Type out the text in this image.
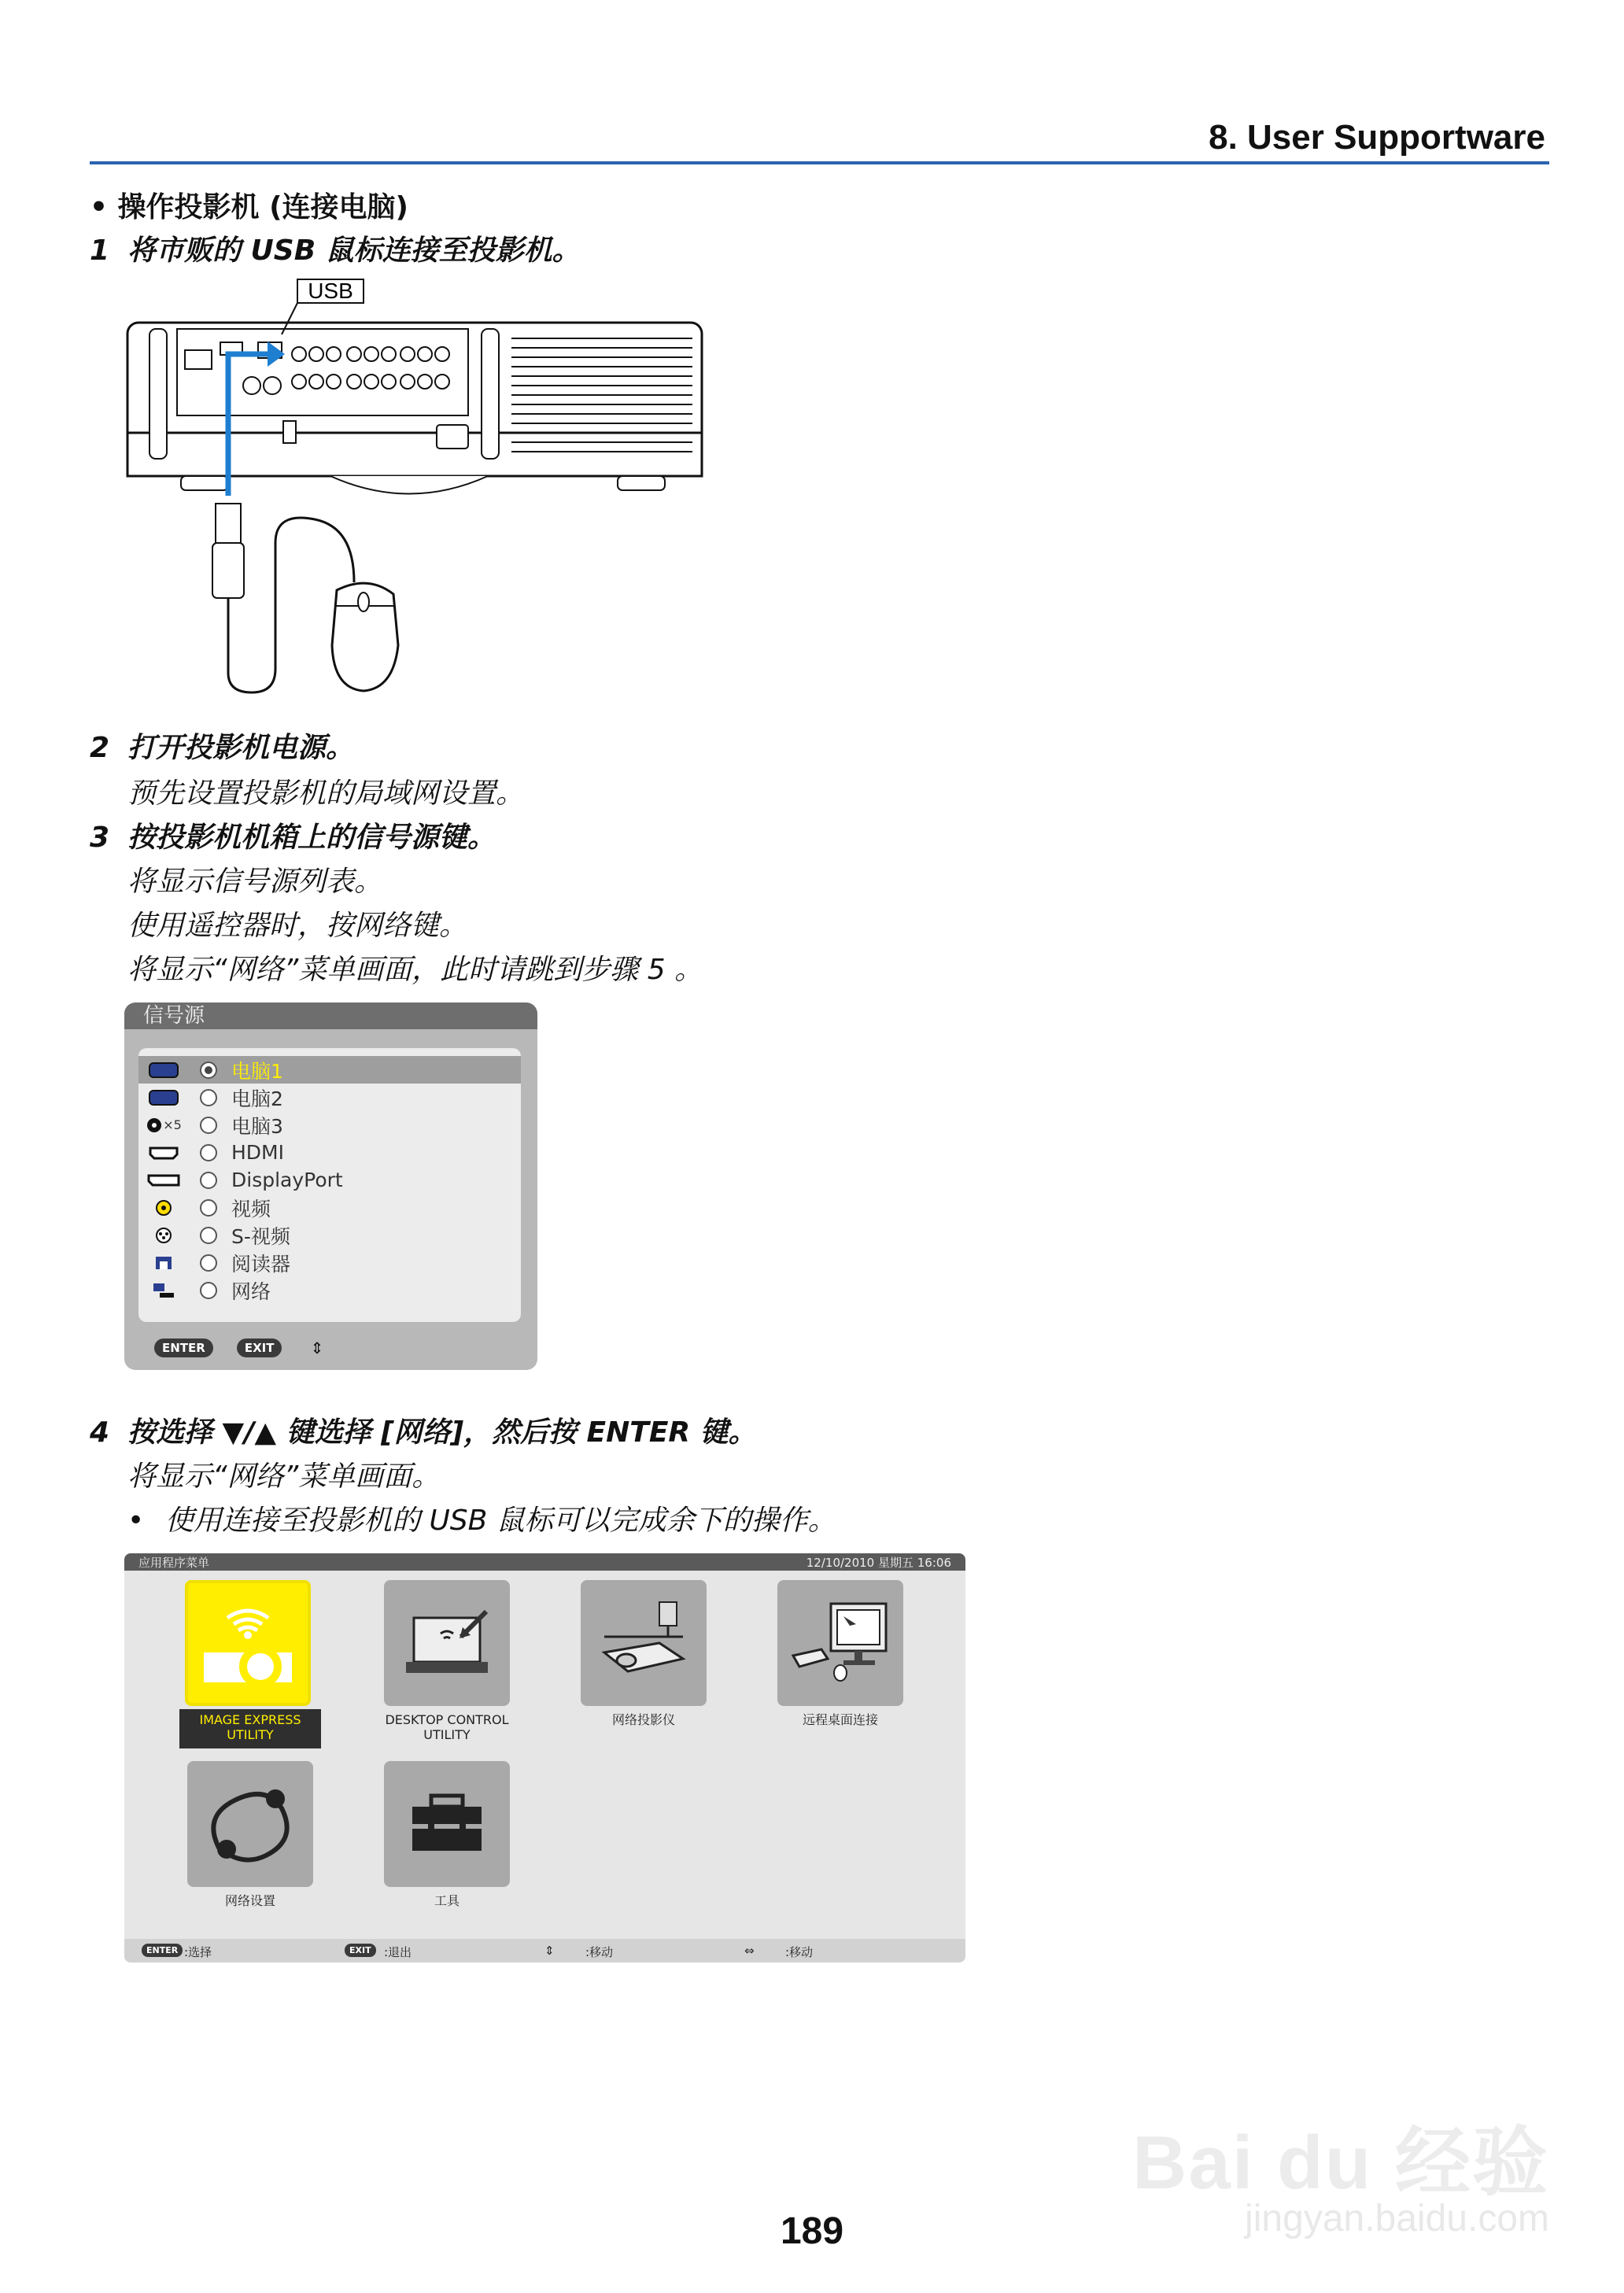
8. User Supportware
• 操作投影机 (连接电脑)
1 将市贩的 USB 鼠标连接至投影机。
USB
2 打开投影机电源。
预先设置投影机的局域网设置。
3 按投影机机箱上的信号源键。
将显示信号源列表。
使用遥控器时，按网络键。
将显示“网络”菜单画面，此时请跳到步骤 5 。
信号源
电脑1
电脑2
×5	电脑3
HDMI
DisplayPort
视频
S-视频
阅读器
网络
ENTER	EXIT	⇕
4 按选择 ▼/▲ 键选择 [网络]，然后按 ENTER 键。
将显示“网络”菜单画面。
• 使用连接至投影机的 USB 鼠标可以完成余下的操作。
应用程序菜单	12/10/2010 星期五 16:06
IMAGE EXPRESS
UTILITY
DESKTOP CONTROL
UTILITY
网络投影仪	远程桌面连接
网络设置	工具
ENTER :选择	EXIT	:退出	⇕	:移动	⇔	:移动
Bai du 经验
jingyan.baidu.com
189
